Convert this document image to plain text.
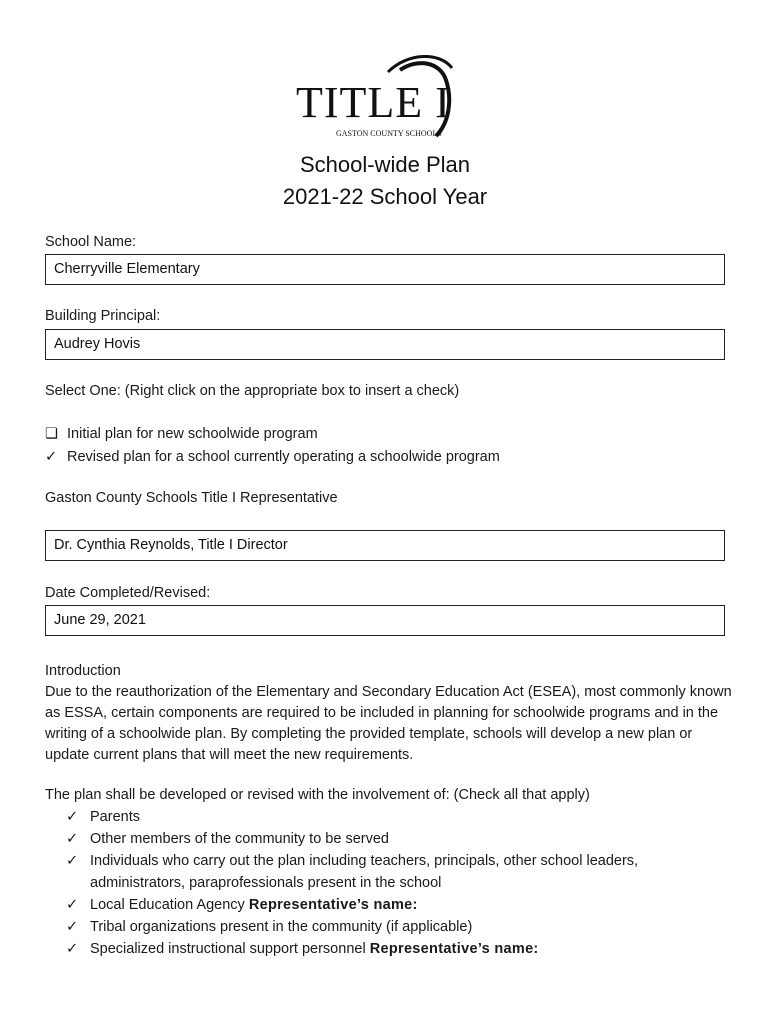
TITLE I
GASTON COUNTY SCHOOLS
School-wide Plan
2021-22 School Year
School Name:
Cherryville Elementary
Building Principal:
Audrey Hovis
Select One: (Right click on the appropriate box to insert a check)
❏ Initial plan for new schoolwide program
✓ Revised plan for a school currently operating a schoolwide program
Gaston County Schools Title I Representative
Dr. Cynthia Reynolds, Title I Director
Date Completed/Revised:
June 29, 2021
Introduction
Due to the reauthorization of the Elementary and Secondary Education Act (ESEA), most commonly known as ESSA, certain components are required to be included in planning for schoolwide programs and in the writing of a schoolwide plan. By completing the provided template, schools will develop a new plan or update current plans that will meet the new requirements.
The plan shall be developed or revised with the involvement of: (Check all that apply)
✓ Parents
✓ Other members of the community to be served
✓ Individuals who carry out the plan including teachers, principals, other school leaders, administrators, paraprofessionals present in the school
✓ Local Education Agency Representative’s name:
✓ Tribal organizations present in the community (if applicable)
✓ Specialized instructional support personnel Representative’s name:
